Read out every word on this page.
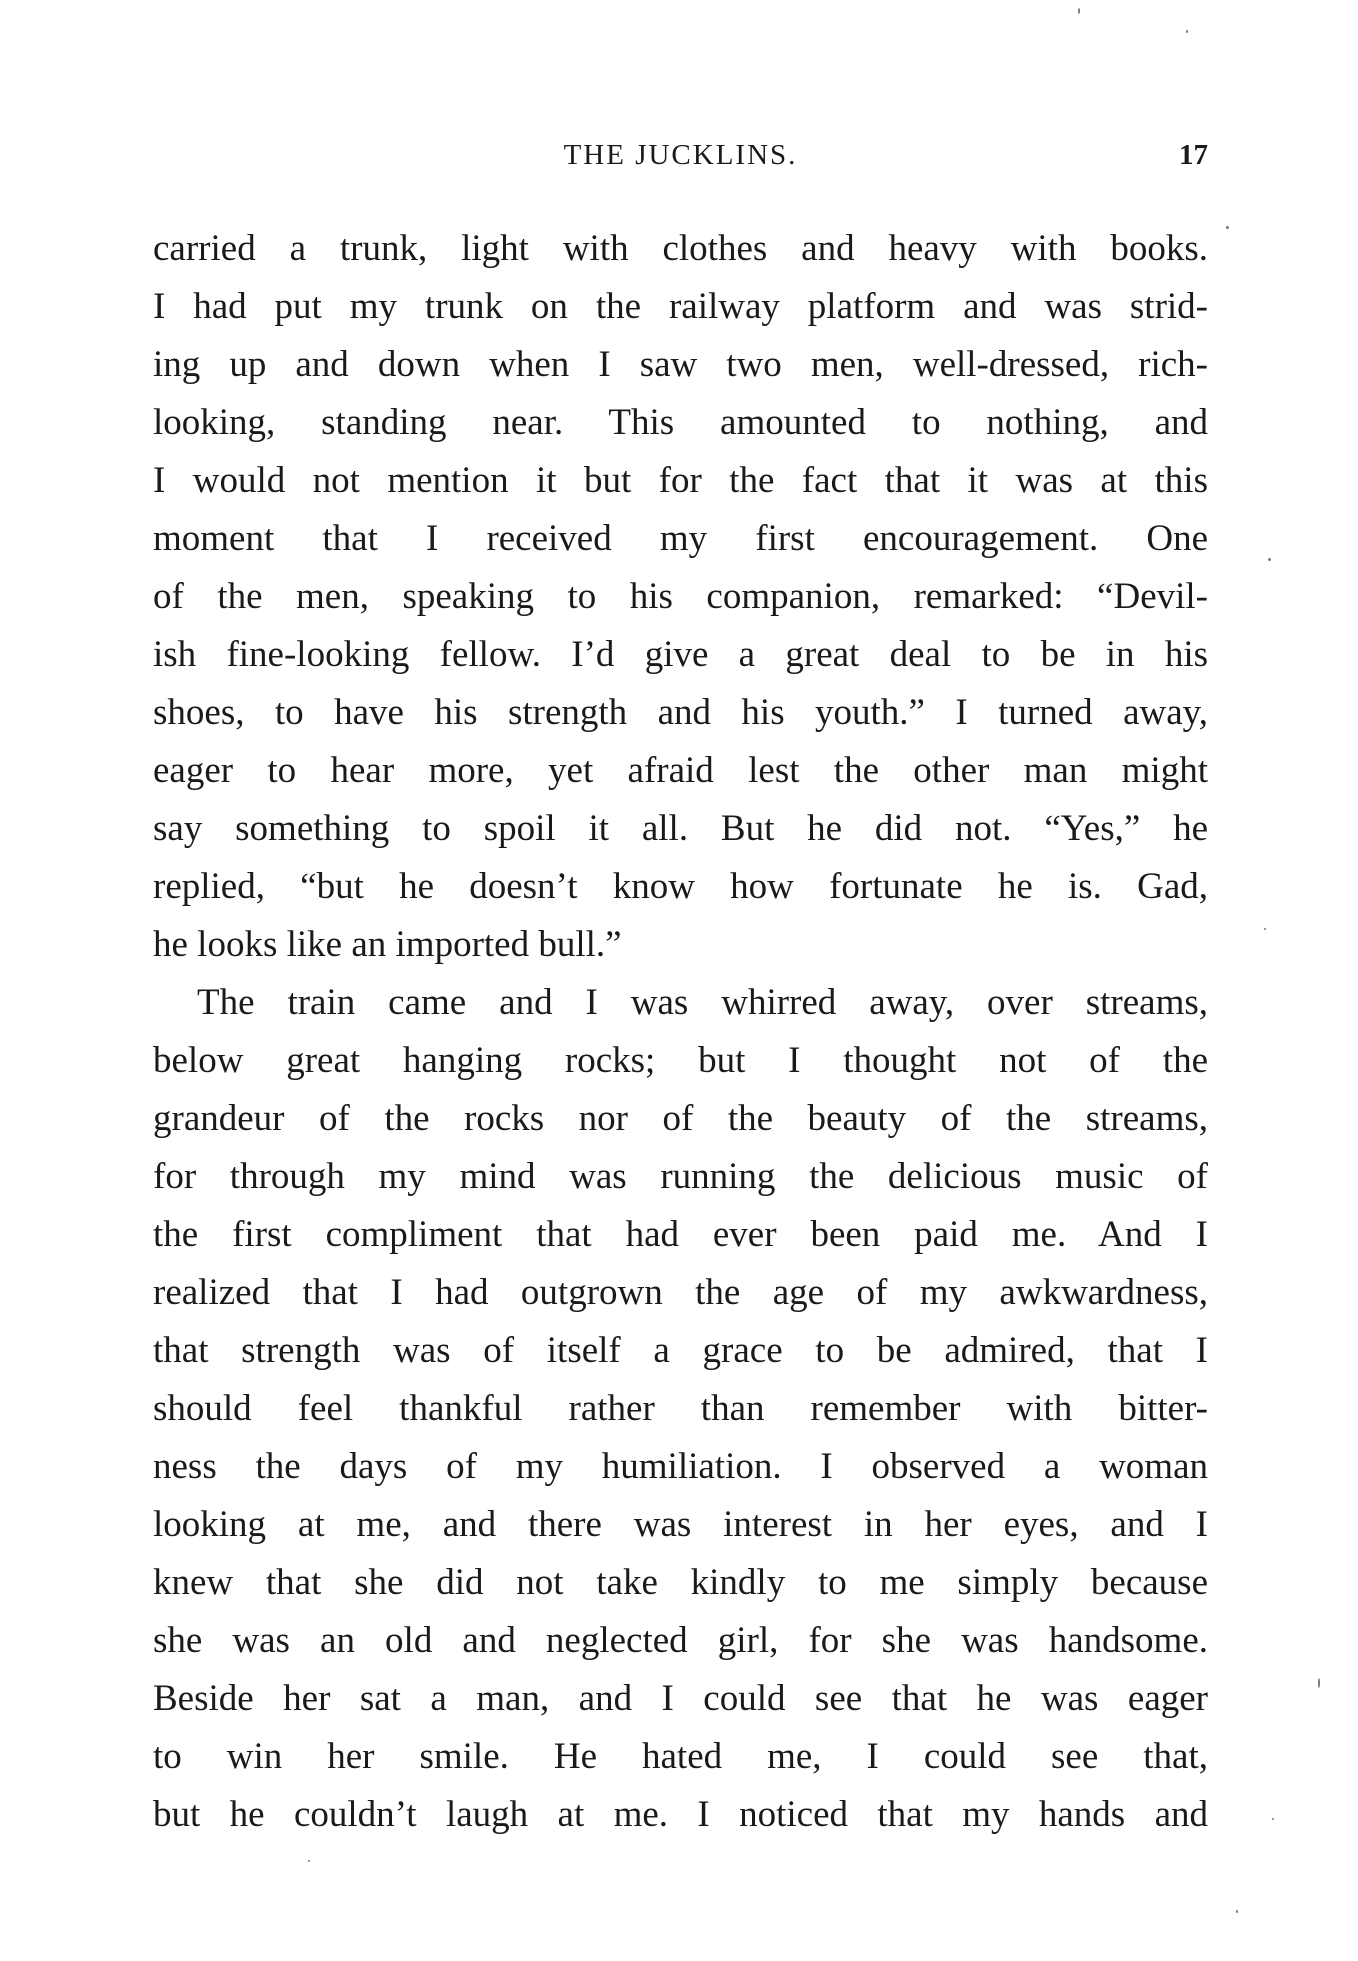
THE JUCKLINS.	17
carried a trunk, light with clothes and heavy with books.
I had put my trunk on the railway platform and was strid-
ing up and down when I saw two men, well-dressed, rich-
looking, standing near. This amounted to nothing, and
I would not mention it but for the fact that it was at this
moment that I received my first encouragement. One
of the men, speaking to his companion, remarked: “Devil-
ish fine-looking fellow. I’d give a great deal to be in his
shoes, to have his strength and his youth.” I turned away,
eager to hear more, yet afraid lest the other man might
say something to spoil it all. But he did not. “Yes,” he
replied, “but he doesn’t know how fortunate he is. Gad,
he looks like an imported bull.”
The train came and I was whirred away, over streams,
below great hanging rocks; but I thought not of the
grandeur of the rocks nor of the beauty of the streams,
for through my mind was running the delicious music of
the first compliment that had ever been paid me. And I
realized that I had outgrown the age of my awkwardness,
that strength was of itself a grace to be admired, that I
should feel thankful rather than remember with bitter-
ness the days of my humiliation. I observed a woman
looking at me, and there was interest in her eyes, and I
knew that she did not take kindly to me simply because
she was an old and neglected girl, for she was handsome.
Beside her sat a man, and I could see that he was eager
to win her smile. He hated me, I could see that,
but he couldn’t laugh at me. I noticed that my hands and
